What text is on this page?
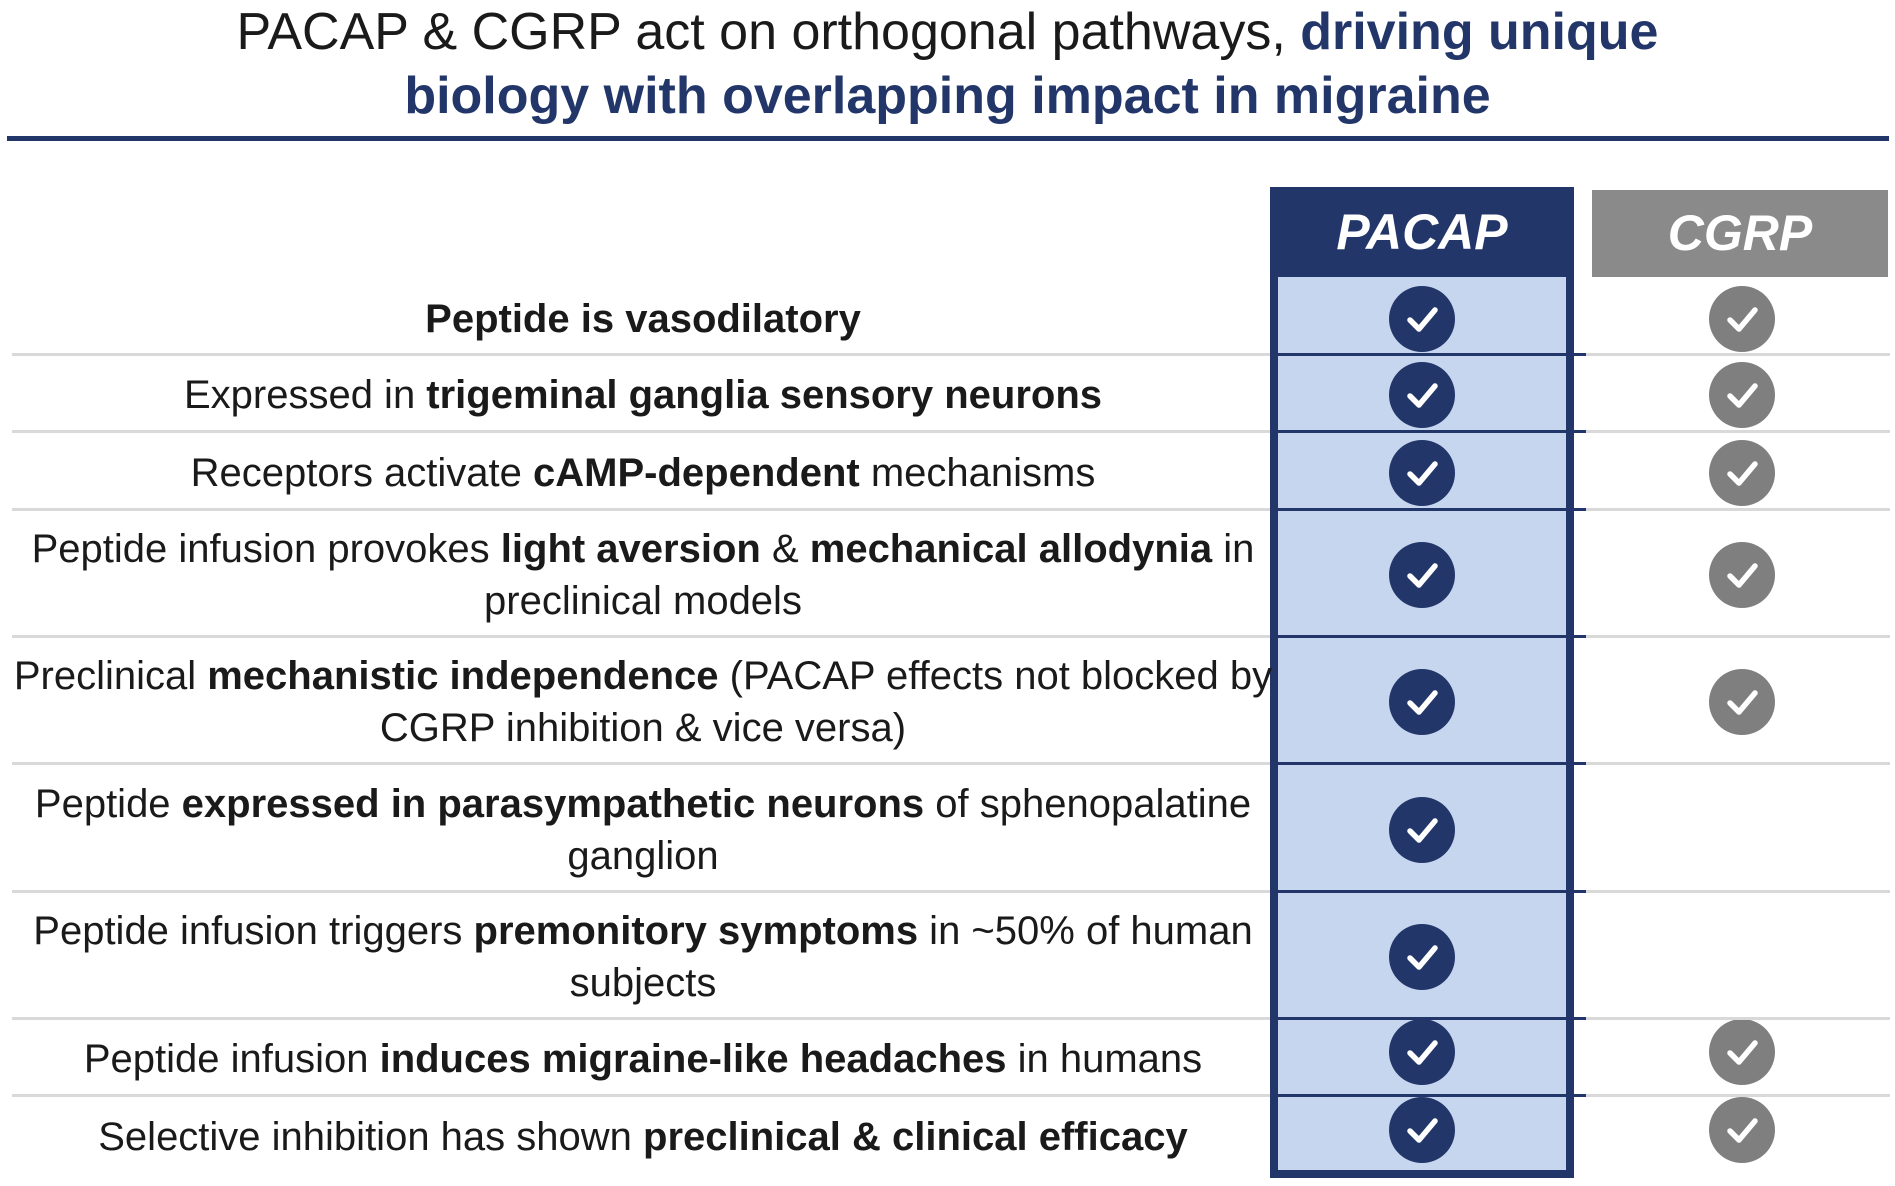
PACAP & CGRP act on orthogonal pathways, driving unique
biology with overlapping impact in migraine
PACAP	CGRP
Peptide is vasodilatory
Expressed in trigeminal ganglia sensory neurons
Receptors activate cAMP-dependent mechanisms
Peptide infusion provokes light aversion & mechanical allodynia in preclinical models
Preclinical mechanistic independence (PACAP effects not blocked by CGRP inhibition & vice versa)
Peptide expressed in parasympathetic neurons of sphenopalatine ganglion
Peptide infusion triggers premonitory symptoms in ~50% of human subjects
Peptide infusion induces migraine-like headaches in humans
Selective inhibition has shown preclinical & clinical efficacy
